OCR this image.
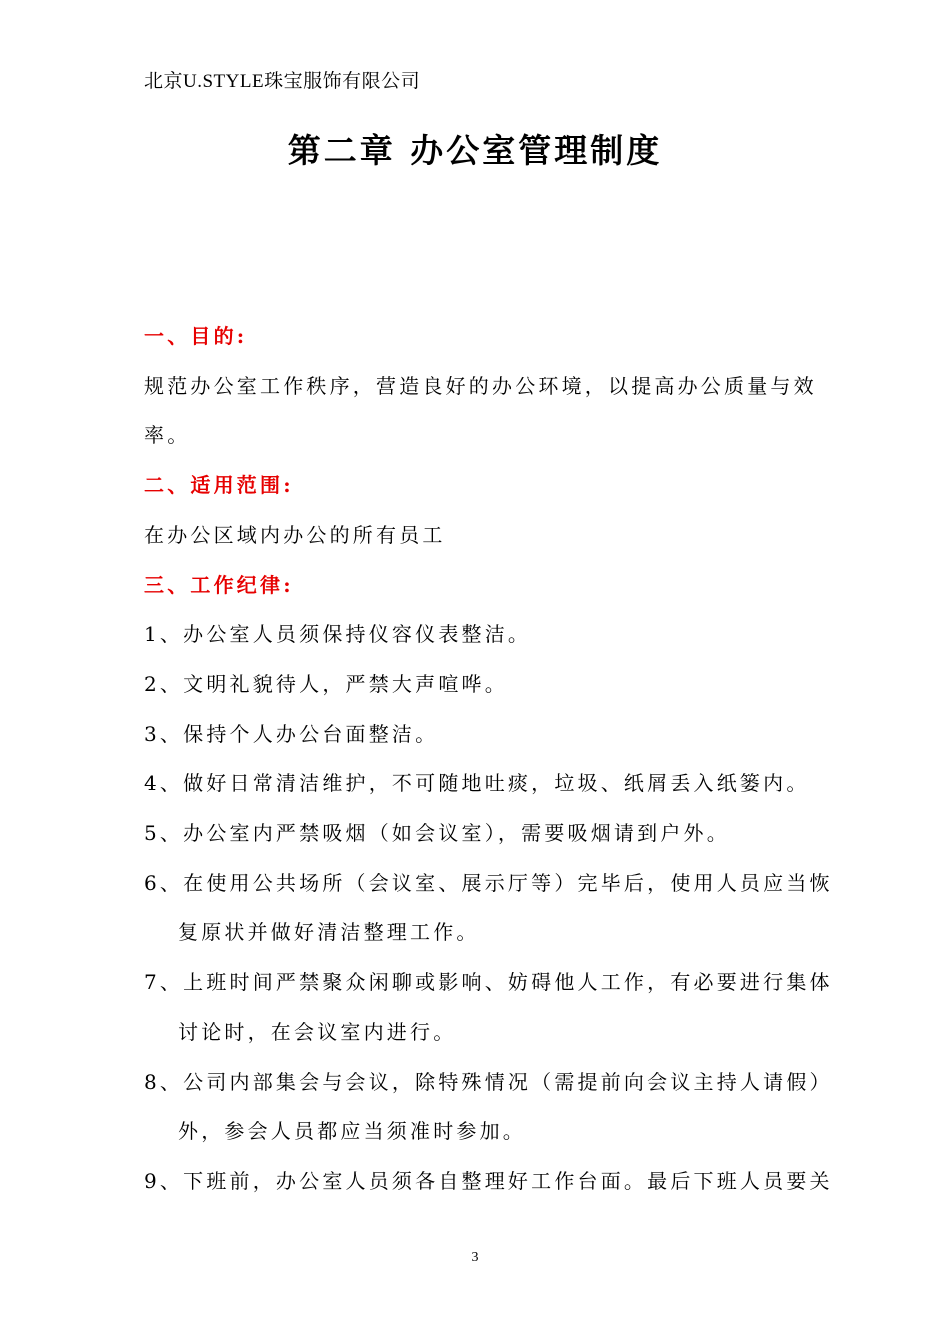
北京U.STYLE珠宝服饰有限公司
第二章 办公室管理制度
一、目的:
规范办公室工作秩序，营造良好的办公环境，以提高办公质量与效
率。
二、适用范围:
在办公区域内办公的所有员工
三、工作纪律:
1、办公室人员须保持仪容仪表整洁。
2、文明礼貌待人，严禁大声喧哗。
3、保持个人办公台面整洁。
4、做好日常清洁维护，不可随地吐痰，垃圾、纸屑丢入纸篓内。
5、办公室内严禁吸烟（如会议室），需要吸烟请到户外。
6、在使用公共场所（会议室、展示厅等）完毕后，使用人员应当恢
复原状并做好清洁整理工作。
7、上班时间严禁聚众闲聊或影响、妨碍他人工作，有必要进行集体
讨论时，在会议室内进行。
8、公司内部集会与会议，除特殊情况（需提前向会议主持人请假）
外，参会人员都应当须准时参加。
9、下班前，办公室人员须各自整理好工作台面。最后下班人员要关
3
